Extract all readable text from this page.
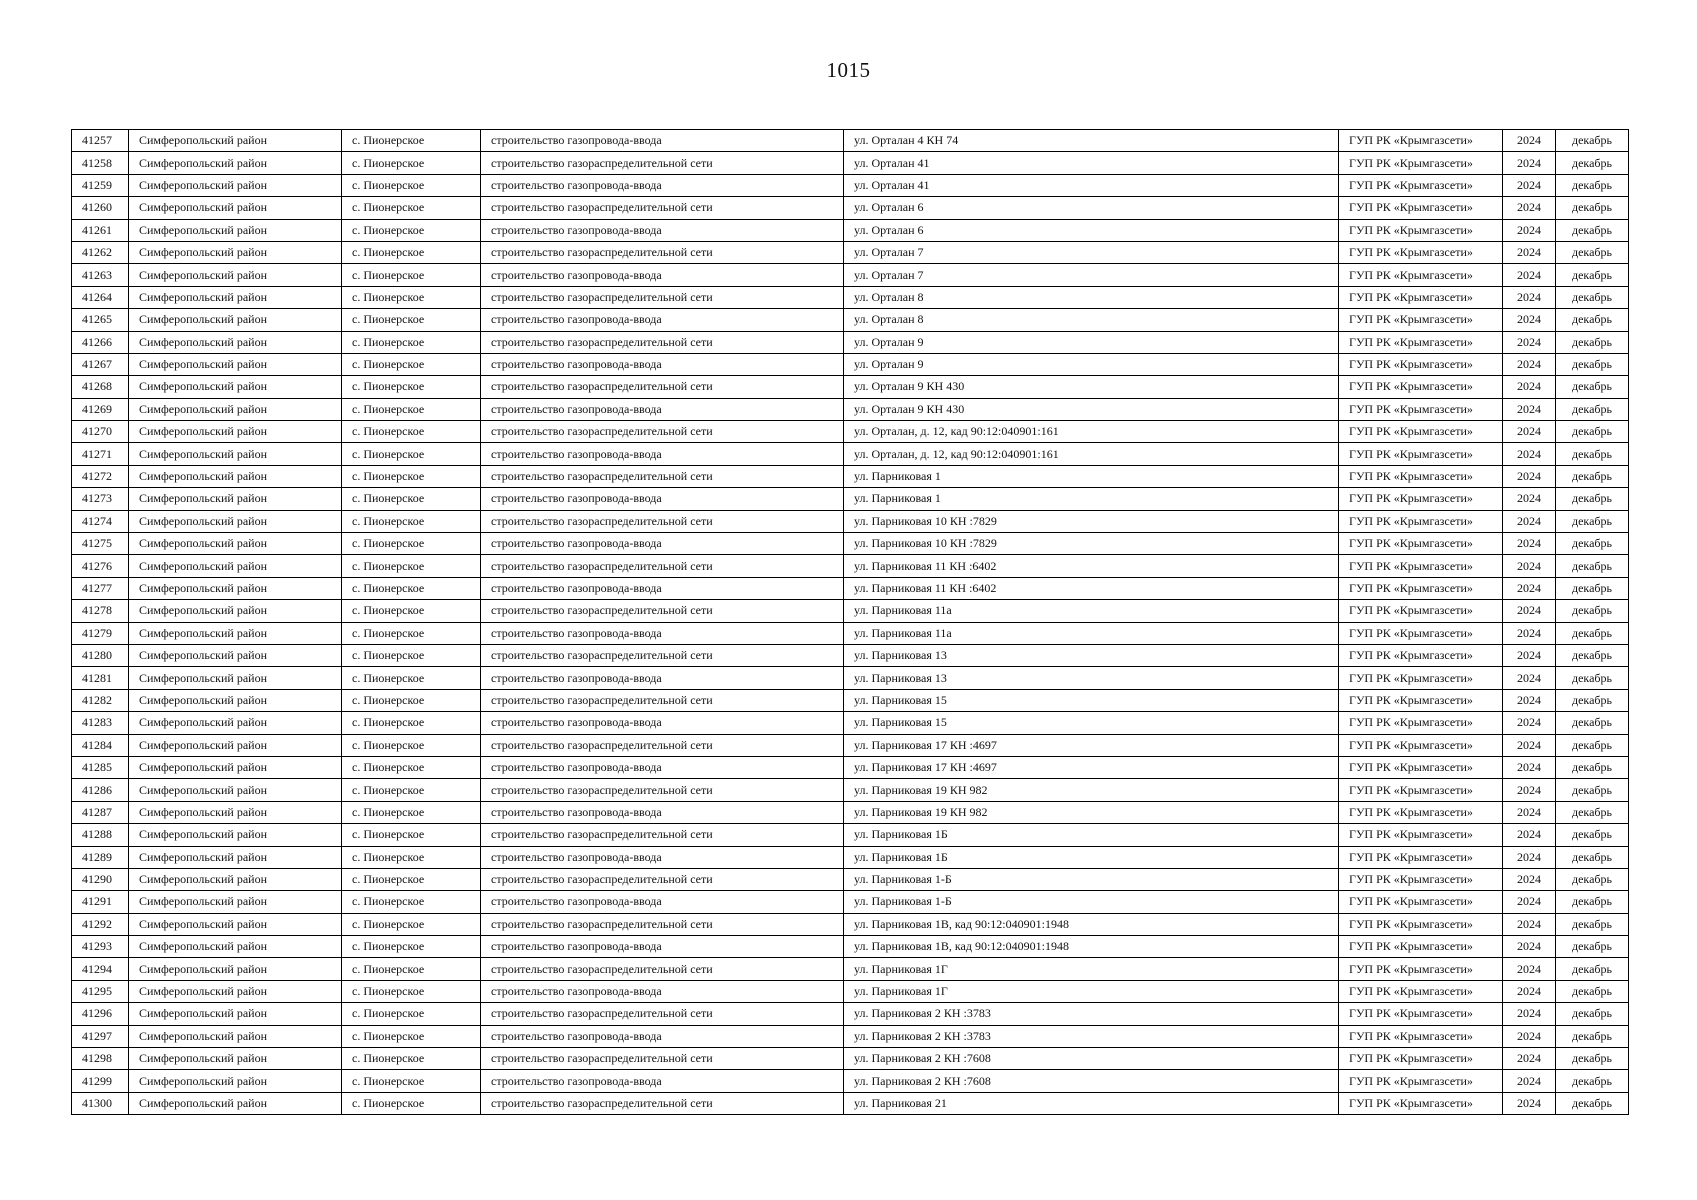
1015
41257	Симферопольский район	с. Пионерское	строительство газопровода-ввода	ул. Орталан 4 КН 74	ГУП РК «Крымгазсети»	2024	декабрь
41258	Симферопольский район	с. Пионерское	строительство газораспределительной сети	ул. Орталан 41	ГУП РК «Крымгазсети»	2024	декабрь
41259	Симферопольский район	с. Пионерское	строительство газопровода-ввода	ул. Орталан 41	ГУП РК «Крымгазсети»	2024	декабрь
41260	Симферопольский район	с. Пионерское	строительство газораспределительной сети	ул. Орталан 6	ГУП РК «Крымгазсети»	2024	декабрь
41261	Симферопольский район	с. Пионерское	строительство газопровода-ввода	ул. Орталан 6	ГУП РК «Крымгазсети»	2024	декабрь
41262	Симферопольский район	с. Пионерское	строительство газораспределительной сети	ул. Орталан 7	ГУП РК «Крымгазсети»	2024	декабрь
41263	Симферопольский район	с. Пионерское	строительство газопровода-ввода	ул. Орталан 7	ГУП РК «Крымгазсети»	2024	декабрь
41264	Симферопольский район	с. Пионерское	строительство газораспределительной сети	ул. Орталан 8	ГУП РК «Крымгазсети»	2024	декабрь
41265	Симферопольский район	с. Пионерское	строительство газопровода-ввода	ул. Орталан 8	ГУП РК «Крымгазсети»	2024	декабрь
41266	Симферопольский район	с. Пионерское	строительство газораспределительной сети	ул. Орталан 9	ГУП РК «Крымгазсети»	2024	декабрь
41267	Симферопольский район	с. Пионерское	строительство газопровода-ввода	ул. Орталан 9	ГУП РК «Крымгазсети»	2024	декабрь
41268	Симферопольский район	с. Пионерское	строительство газораспределительной сети	ул. Орталан 9 КН 430	ГУП РК «Крымгазсети»	2024	декабрь
41269	Симферопольский район	с. Пионерское	строительство газопровода-ввода	ул. Орталан 9 КН 430	ГУП РК «Крымгазсети»	2024	декабрь
41270	Симферопольский район	с. Пионерское	строительство газораспределительной сети	ул. Орталан, д. 12, кад 90:12:040901:161	ГУП РК «Крымгазсети»	2024	декабрь
41271	Симферопольский район	с. Пионерское	строительство газопровода-ввода	ул. Орталан, д. 12, кад 90:12:040901:161	ГУП РК «Крымгазсети»	2024	декабрь
41272	Симферопольский район	с. Пионерское	строительство газораспределительной сети	ул. Парниковая 1	ГУП РК «Крымгазсети»	2024	декабрь
41273	Симферопольский район	с. Пионерское	строительство газопровода-ввода	ул. Парниковая 1	ГУП РК «Крымгазсети»	2024	декабрь
41274	Симферопольский район	с. Пионерское	строительство газораспределительной сети	ул. Парниковая 10 КН :7829	ГУП РК «Крымгазсети»	2024	декабрь
41275	Симферопольский район	с. Пионерское	строительство газопровода-ввода	ул. Парниковая 10 КН :7829	ГУП РК «Крымгазсети»	2024	декабрь
41276	Симферопольский район	с. Пионерское	строительство газораспределительной сети	ул. Парниковая 11 КН :6402	ГУП РК «Крымгазсети»	2024	декабрь
41277	Симферопольский район	с. Пионерское	строительство газопровода-ввода	ул. Парниковая 11 КН :6402	ГУП РК «Крымгазсети»	2024	декабрь
41278	Симферопольский район	с. Пионерское	строительство газораспределительной сети	ул. Парниковая 11а	ГУП РК «Крымгазсети»	2024	декабрь
41279	Симферопольский район	с. Пионерское	строительство газопровода-ввода	ул. Парниковая 11а	ГУП РК «Крымгазсети»	2024	декабрь
41280	Симферопольский район	с. Пионерское	строительство газораспределительной сети	ул. Парниковая 13	ГУП РК «Крымгазсети»	2024	декабрь
41281	Симферопольский район	с. Пионерское	строительство газопровода-ввода	ул. Парниковая 13	ГУП РК «Крымгазсети»	2024	декабрь
41282	Симферопольский район	с. Пионерское	строительство газораспределительной сети	ул. Парниковая 15	ГУП РК «Крымгазсети»	2024	декабрь
41283	Симферопольский район	с. Пионерское	строительство газопровода-ввода	ул. Парниковая 15	ГУП РК «Крымгазсети»	2024	декабрь
41284	Симферопольский район	с. Пионерское	строительство газораспределительной сети	ул. Парниковая 17 КН :4697	ГУП РК «Крымгазсети»	2024	декабрь
41285	Симферопольский район	с. Пионерское	строительство газопровода-ввода	ул. Парниковая 17 КН :4697	ГУП РК «Крымгазсети»	2024	декабрь
41286	Симферопольский район	с. Пионерское	строительство газораспределительной сети	ул. Парниковая 19 КН 982	ГУП РК «Крымгазсети»	2024	декабрь
41287	Симферопольский район	с. Пионерское	строительство газопровода-ввода	ул. Парниковая 19 КН 982	ГУП РК «Крымгазсети»	2024	декабрь
41288	Симферопольский район	с. Пионерское	строительство газораспределительной сети	ул. Парниковая 1Б	ГУП РК «Крымгазсети»	2024	декабрь
41289	Симферопольский район	с. Пионерское	строительство газопровода-ввода	ул. Парниковая 1Б	ГУП РК «Крымгазсети»	2024	декабрь
41290	Симферопольский район	с. Пионерское	строительство газораспределительной сети	ул. Парниковая 1-Б	ГУП РК «Крымгазсети»	2024	декабрь
41291	Симферопольский район	с. Пионерское	строительство газопровода-ввода	ул. Парниковая 1-Б	ГУП РК «Крымгазсети»	2024	декабрь
41292	Симферопольский район	с. Пионерское	строительство газораспределительной сети	ул. Парниковая 1В, кад 90:12:040901:1948	ГУП РК «Крымгазсети»	2024	декабрь
41293	Симферопольский район	с. Пионерское	строительство газопровода-ввода	ул. Парниковая 1В, кад 90:12:040901:1948	ГУП РК «Крымгазсети»	2024	декабрь
41294	Симферопольский район	с. Пионерское	строительство газораспределительной сети	ул. Парниковая 1Г	ГУП РК «Крымгазсети»	2024	декабрь
41295	Симферопольский район	с. Пионерское	строительство газопровода-ввода	ул. Парниковая 1Г	ГУП РК «Крымгазсети»	2024	декабрь
41296	Симферопольский район	с. Пионерское	строительство газораспределительной сети	ул. Парниковая 2 КН :3783	ГУП РК «Крымгазсети»	2024	декабрь
41297	Симферопольский район	с. Пионерское	строительство газопровода-ввода	ул. Парниковая 2 КН :3783	ГУП РК «Крымгазсети»	2024	декабрь
41298	Симферопольский район	с. Пионерское	строительство газораспределительной сети	ул. Парниковая 2 КН :7608	ГУП РК «Крымгазсети»	2024	декабрь
41299	Симферопольский район	с. Пионерское	строительство газопровода-ввода	ул. Парниковая 2 КН :7608	ГУП РК «Крымгазсети»	2024	декабрь
41300	Симферопольский район	с. Пионерское	строительство газораспределительной сети	ул. Парниковая 21	ГУП РК «Крымгазсети»	2024	декабрь
